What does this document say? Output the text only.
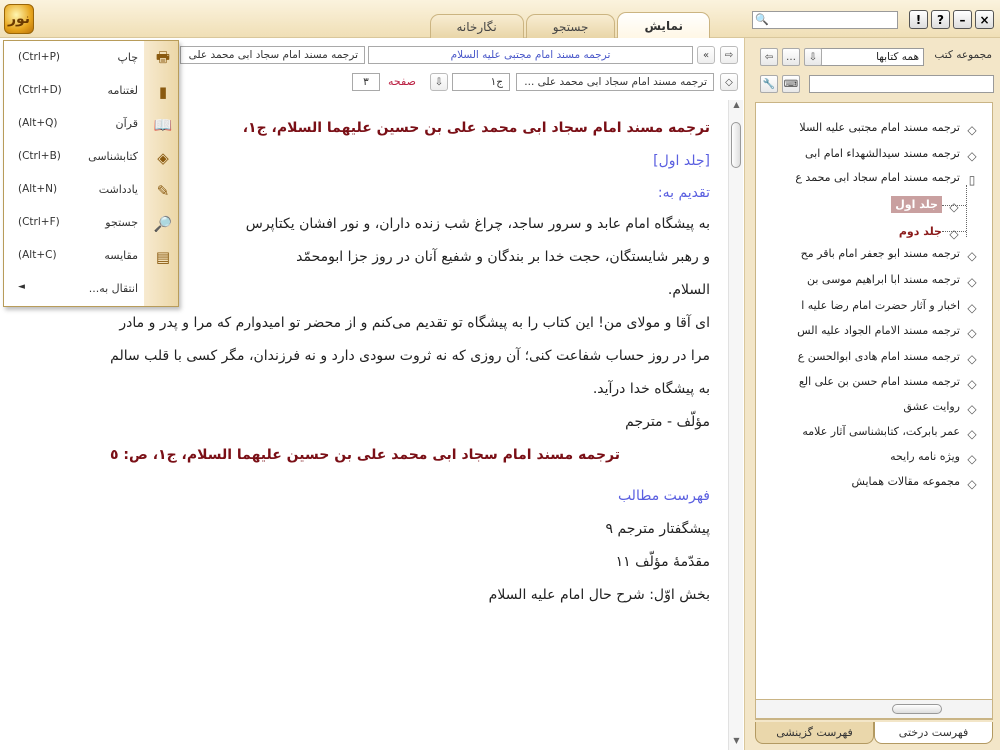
نور	نمایش
جستجو
نگارخانه	🔍	!	?	–	×
ترجمه مسند امام سجاد ابی محمد علی	ترجمه مسند امام مجتبی علیه السلام	«	⇨
٣	صفحه	⇩	ج١	ترجمه مسند امام سجاد ابی محمد علی ...	◇

ترجمه مسند امام سجاد ابی محمد علی بن حسین علیهما السلام، ج١،

[جلد اول]

تقدیم به:

به پیشگاه امام عابد و سرور ساجد، چراغ شب زنده داران، و نور افشان یکتاپرس

و رهبر شایستگان، حجت خدا بر بندگان و شفیع آنان در روز جزا ابومحمّد

السلام.

ای آقا و مولای من! این کتاب را به پیشگاه تو تقدیم می‌کنم و از محضر تو امیدوارم که مرا و پدر و مادر

مرا در روز حساب شفاعت کنی؛ آن روزی که نه ثروت سودی دارد و نه فرزندان، مگر کسی با قلب سالم

به پیشگاه خدا درآید.

مؤلّف - مترجم

ترجمه مسند امام سجاد ابی محمد علی بن حسین علیهما السلام، ج١، ص: ٥

فهرست مطالب

پیشگفتار مترجم ٩

مقدّمهٔ مؤلّف ١١

بخش اوّل: شرح حال امام علیه السلام

▲
▼
(Ctrl+P)	چاپ 🖶
(Ctrl+D)	لغتنامه	▮
(Alt+Q)	قرآن 📖
(Ctrl+B) کتابشناسی ◈
(Alt+N)	یادداشت ✎
(Ctrl+F)	جستجو 🔎
(Alt+C)	مقایسه ▤
◄	انتقال به...
مجموعه کتب
همه کتابها
⇩
…
⇦
🔧 ⌨
◇ترجمه مسند امام مجتبی علیه السلا
◇ترجمه مسند سیدالشهداء امام ابی
▯ترجمه مسند امام سجاد ابی محمد ع
◇جلد اول
◇جلد دوم
◇ترجمه مسند ابو جعفر امام باقر مح
◇ترجمه مسند ابا ابراهیم موسی بن
◇اخبار و آثار حضرت امام رضا علیه ا
◇ترجمه مسند الامام الجواد علیه الس
◇ترجمه مسند امام هادی ابوالحسن ع
◇ترجمه مسند امام حسن بن علی الع
◇روایت عشق
◇عمر بابرکت، کتابشناسی آثار علامه
◇ویژه نامه رایحه
◇مجموعه مقالات همایش
فهرست درختی
فهرست گزینشی
